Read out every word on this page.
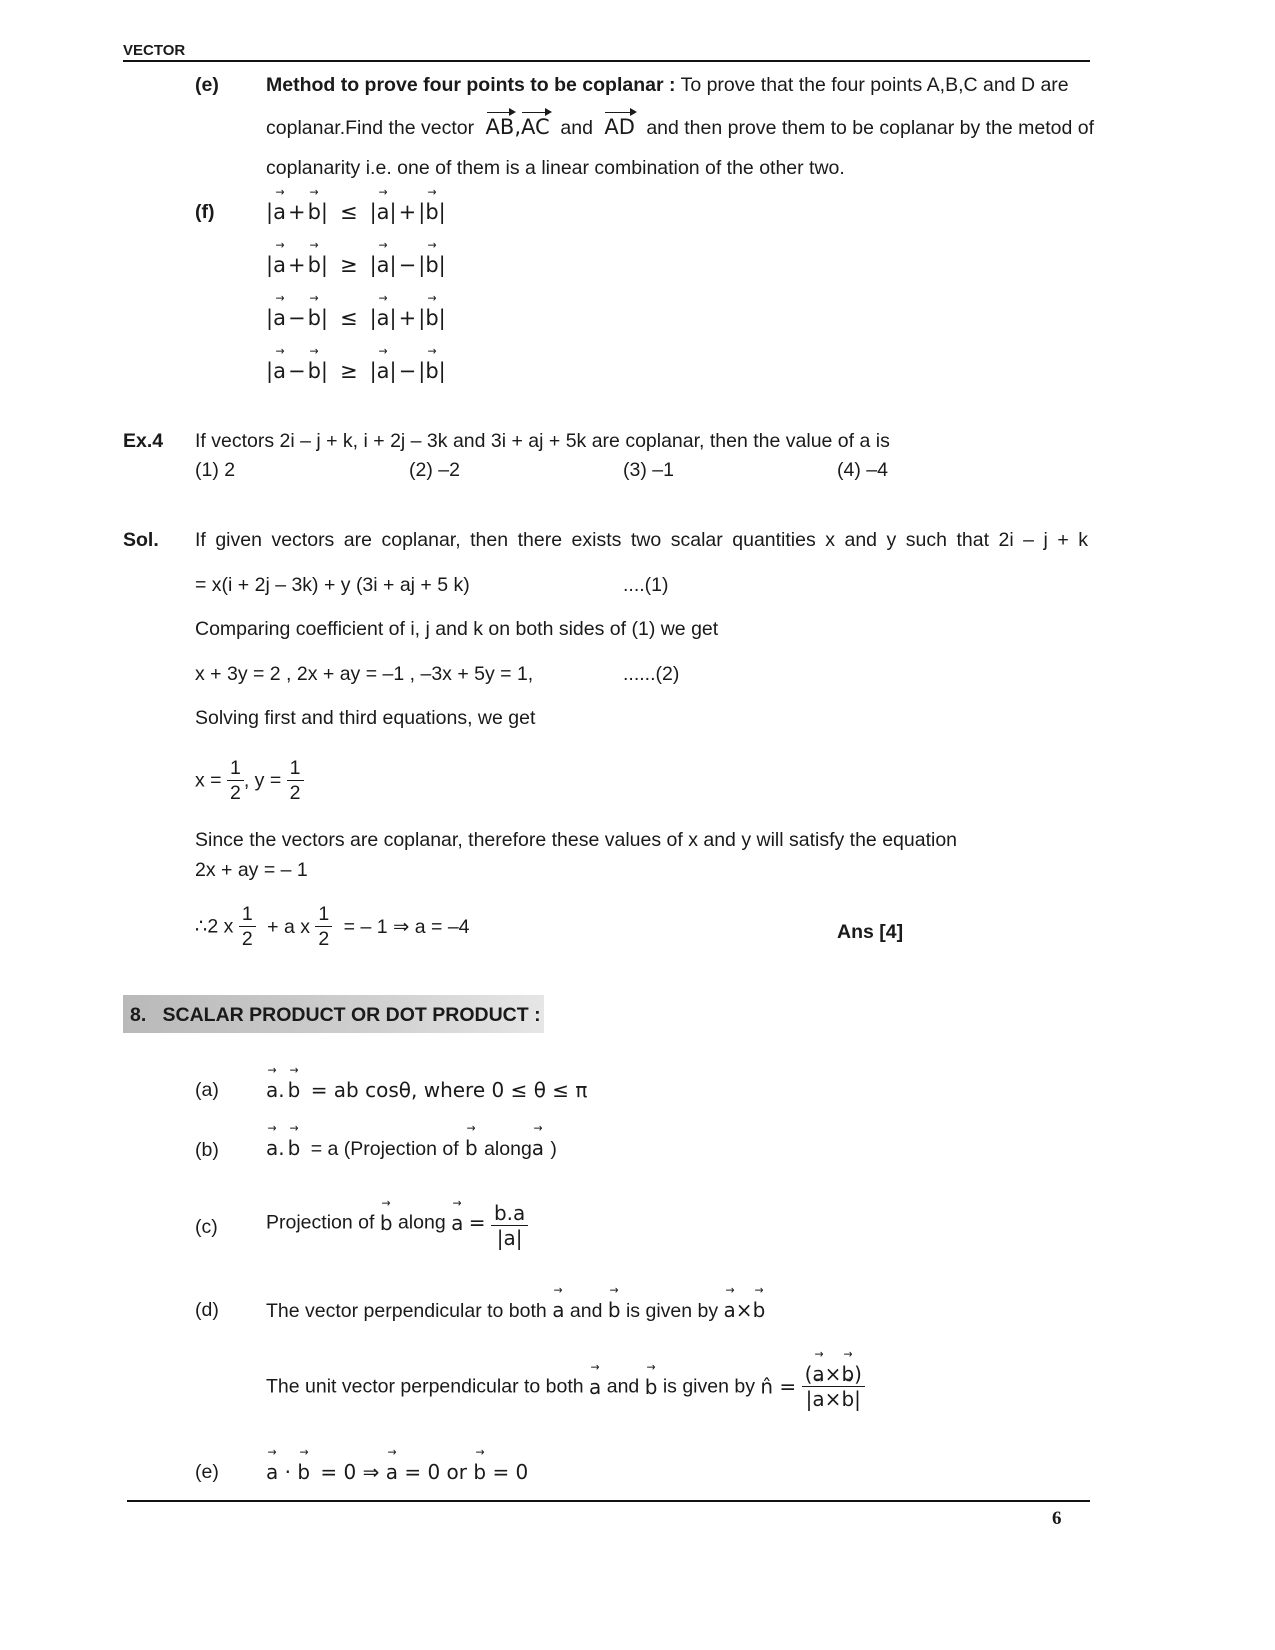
VECTOR
(e) Method to prove four points to be coplanar : To prove that the four points A,B,C and D are
coplanar.Find the vector AB,AC and AD and then prove them to be coplanar by the metod of
coplanarity i.e. one of them is a linear combination of the other two.
(f) |→ a+→ b| ≤ |→ a|+|→ b|
|→ a+→ b| ≥ |→ a|−|→ b|
|→ a−→ b| ≤ |→ a|+|→ b|
|→ a−→ b| ≥ |→ a|−|→ b|
Ex.4 If vectors 2i – j + k, i + 2j – 3k and 3i + aj + 5k are coplanar, then the value of a is
(1) 2	(2) –2	(3) –1	(4) –4
Sol. If given vectors are coplanar, then there exists two scalar quantities x and y such that 2i – j + k
= x(i + 2j – 3k) + y (3i + aj + 5 k)	....(1)
Comparing coefficient of i, j and k on both sides of (1) we get
x + 3y = 2 , 2x + ay = –1 , –3x + 5y = 1,	......(2)
Solving first and third equations, we get
$x = \frac{1}{2}$ , $y = \frac{1}{2}$
Since the vectors are coplanar, therefore these values of x and y will satisfy the equation
2x + ay = – 1
∴2 x $\frac{1}{2} + a$ x $\frac{1}{2}$ = – 1 ⇒ a = –4	Ans [4]
8.   SCALAR PRODUCT OR DOT PRODUCT :
(a) → a. → b = ab cosθ, where 0 ≤ θ ≤ π
(b) → a. → b = a (Projection of → b along→ a )
(c) Projection of → b along → $a = \frac{b.a}{|a|}$
(d) The vector perpendicular to both → a and → b is given by → a×→ b
The unit vector perpendicular to both → a and → b is given by n̂ = $\frac{(\to a\times\to b)}{|\to a\times\to b|}$
(e) → a · → b = 0 ⇒ → a = 0 or → b = 0
6
